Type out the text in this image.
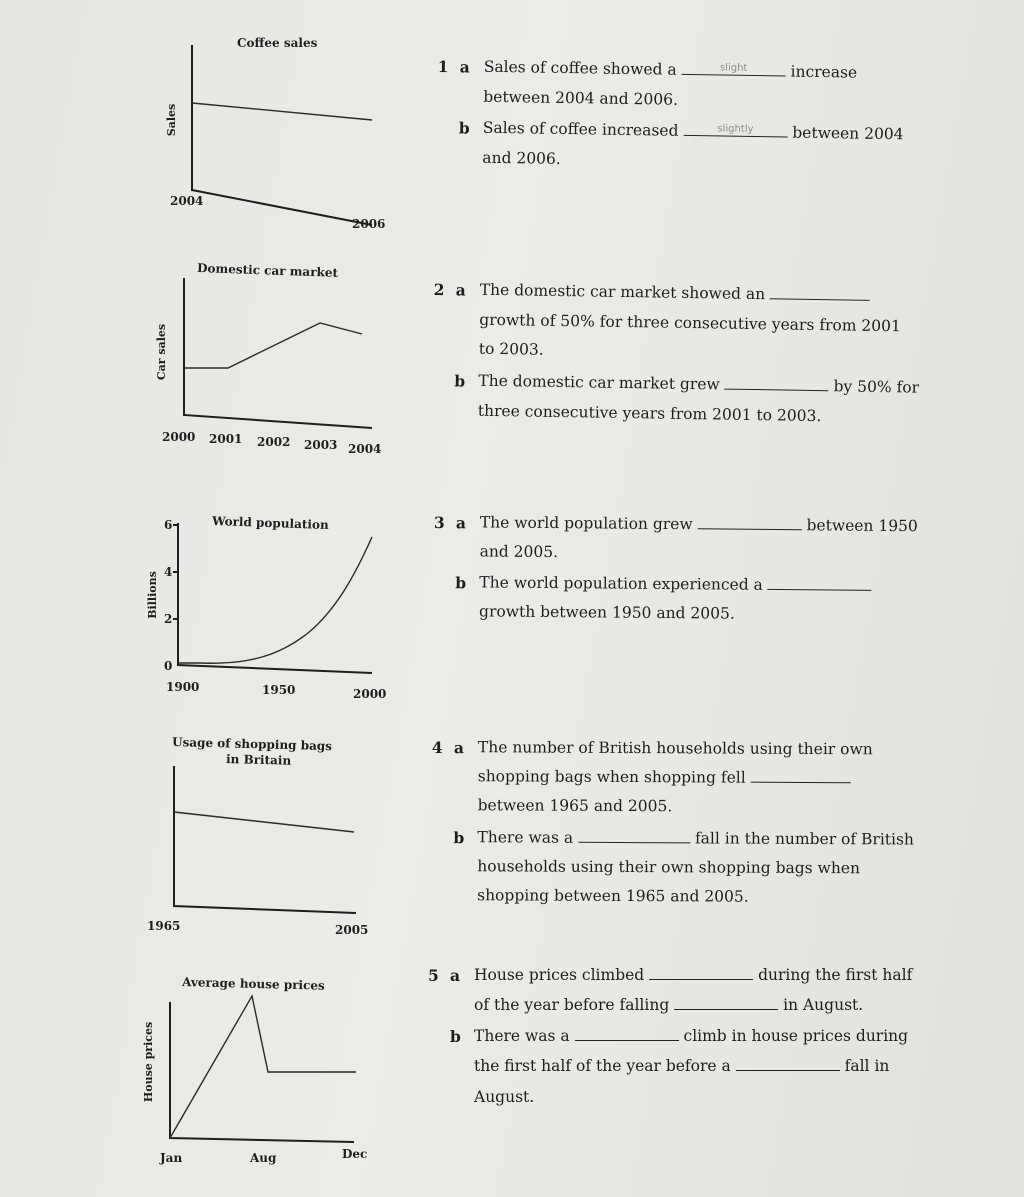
Coffee sales
Sales
2004
2006
Domestic car market
Car sales
2000 2001 2002 2003 2004
World population
Billions
6
4
2
0
1900	1950	2000
Usage of shopping bags
in Britain
1965	2005
Average house prices
House prices
Jan	Aug	Dec
1 a Sales of coffee showed a	slight	increase
between 2004 and 2006.
b Sales of coffee increased	slightly	between 2004
and 2006.
2 a The domestic car market showed an
growth of 50% for three consecutive years from 2001
to 2003.
b The domestic car market grew	by 50% for
three consecutive years from 2001 to 2003.
3 a The world population grew	between 1950
and 2005.
b The world population experienced a
growth between 1950 and 2005.
4 a The number of British households using their own
shopping bags when shopping fell
between 1965 and 2005.
b There was a	fall in the number of British
households using their own shopping bags when
shopping between 1965 and 2005.
5 a House prices climbed	during the first half
of the year before falling	in August.
b There was a	climb in house prices during
the first half of the year before a	fall in
August.
